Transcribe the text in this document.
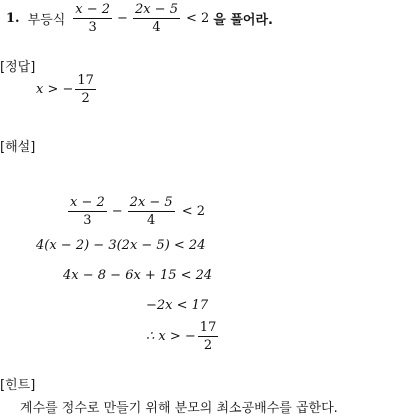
1. 부등식 $\frac{x - 2}{3} - \frac{2x - 5}{4} < 2$ 을 풀어라.
[정답]
x > − $\frac{17}{2}$
[해설]
$\frac{x - 2}{3} - \frac{2x - 5}{4} < 2$
4(x − 2) − 3(2x − 5) < 24
4x − 8 − 6x + 15 < 24
−2x < 17
∴ x > − $\frac{17}{2}$
[힌트]
계수를 정수로 만들기 위해 분모의 최소공배수를 곱한다.
